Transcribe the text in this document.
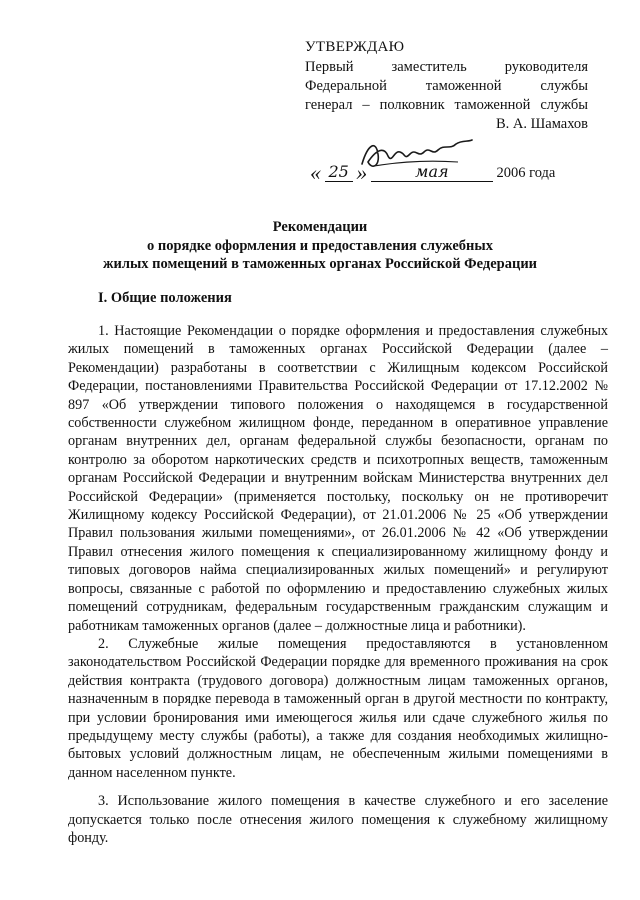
УТВЕРЖДАЮ
Первый заместитель руководителя
Федеральной таможенной службы
генерал – полковник таможенной службы
В. А. Шамахов
« 25 »	мая	2006 года
Рекомендации
о порядке оформления и предоставления служебных
жилых помещений в таможенных органах Российской Федерации
I. Общие положения

1. Настоящие Рекомендации о порядке оформления и предоставления служебных жилых помещений в таможенных органах Российской Федерации (далее – Рекомендации) разработаны в соответствии с Жилищным кодексом Российской Федерации, постановлениями Правительства Российской Федерации от 17.12.2002 № 897 «Об утверждении типового положения о находящемся в государственной собственности служебном жилищном фонде, переданном в оперативное управление органам внутренних дел, органам федеральной службы безопасности, органам по контролю за оборотом наркотических средств и психотропных веществ, таможенным органам Российской Федерации и внутренним войскам Министерства внутренних дел Российской Федерации» (применяется постольку, поскольку он не противоречит Жилищному кодексу Российской Федерации), от 21.01.2006 № 25 «Об утверждении Правил пользования жилыми помещениями», от 26.01.2006 № 42 «Об утверждении Правил отнесения жилого помещения к специализированному жилищному фонду и типовых договоров найма специализированных жилых помещений» и регулируют вопросы, связанные с работой по оформлению и предоставлению служебных жилых помещений сотрудникам, федеральным государственным гражданским служащим и работникам таможенных органов (далее – должностные лица и работники).

2. Служебные жилые помещения предоставляются в установленном законодательством Российской Федерации порядке для временного проживания на срок действия контракта (трудового договора) должностным лицам таможенных органов, назначенным в порядке перевода в таможенный орган в другой местности по контракту, при условии бронирования ими имеющегося жилья или сдаче служебного жилья по предыдущему месту службы (работы), а также для создания необходимых жилищно-бытовых условий должностным лицам, не обеспеченным жилыми помещениями в данном населенном пункте.

3. Использование жилого помещения в качестве служебного и его заселение допускается только после отнесения жилого помещения к служебному жилищному фонду.
